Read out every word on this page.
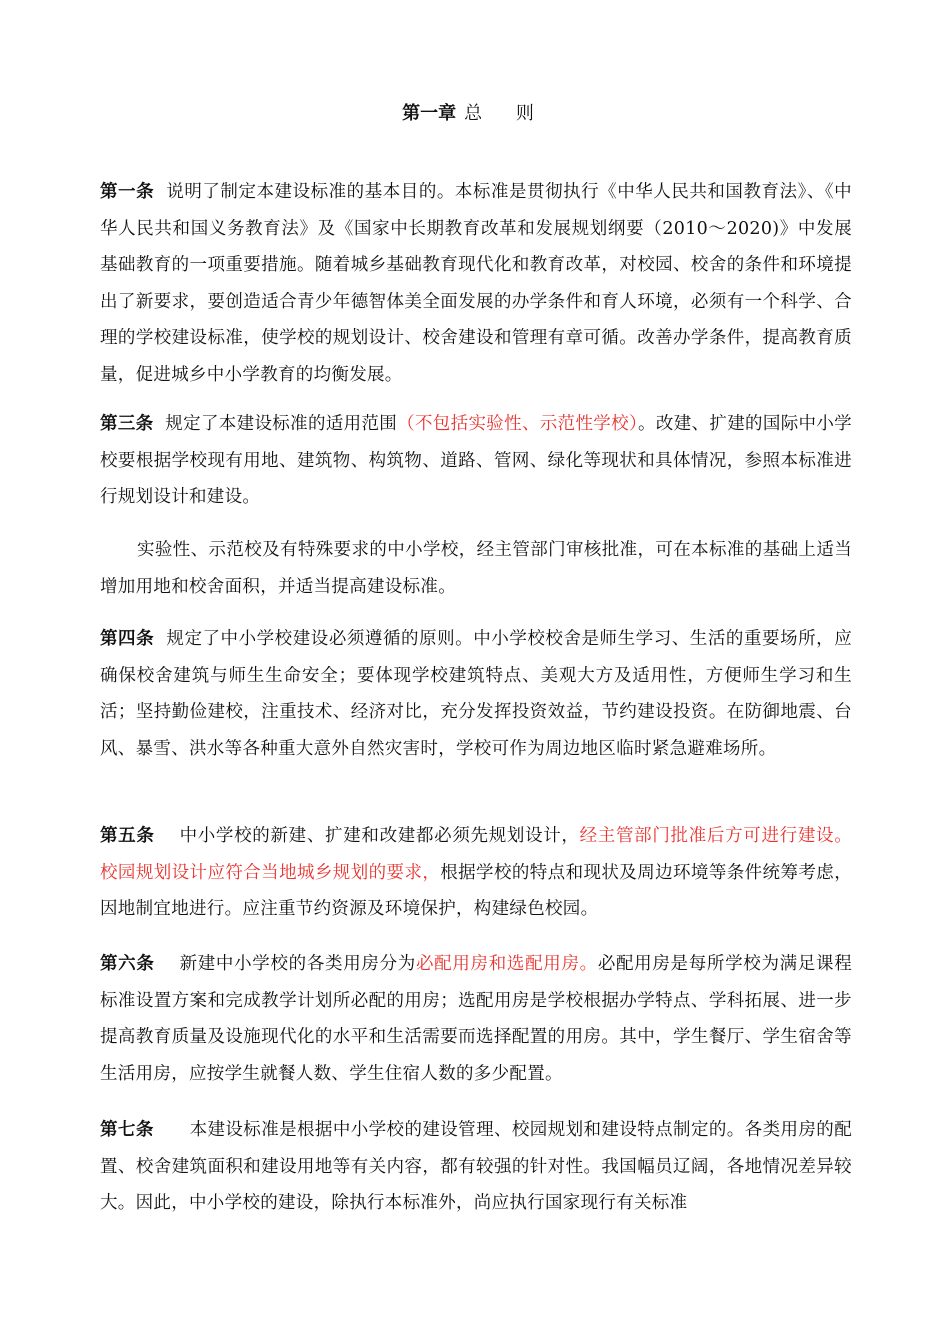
第一章 总 则
第一条 说明了制定本建设标准的基本目的。本标准是贯彻执行《中华人民共和国教育法》、《中华人民共和国义务教育法》及《国家中长期教育改革和发展规划纲要（2010～2020)》中发展基础教育的一项重要措施。随着城乡基础教育现代化和教育改革，对校园、校舍的条件和环境提出了新要求，要创造适合青少年德智体美全面发展的办学条件和育人环境，必须有一个科学、合理的学校建设标准，使学校的规划设计、校舍建设和管理有章可循。改善办学条件，提高教育质量，促进城乡中小学教育的均衡发展。
第三条 规定了本建设标准的适用范围（不包括实验性、示范性学校）。改建、扩建的国际中小学校要根据学校现有用地、建筑物、构筑物、道路、管网、绿化等现状和具体情况，参照本标准进行规划设计和建设。
实验性、示范校及有特殊要求的中小学校，经主管部门审核批准，可在本标准的基础上适当增加用地和校舍面积，并适当提高建设标准。
第四条 规定了中小学校建设必须遵循的原则。中小学校校舍是师生学习、生活的重要场所，应确保校舍建筑与师生生命安全；要体现学校建筑特点、美观大方及适用性，方便师生学习和生活；坚持勤俭建校，注重技术、经济对比，充分发挥投资效益，节约建设投资。在防御地震、台风、暴雪、洪水等各种重大意外自然灾害时，学校可作为周边地区临时紧急避难场所。
第五条 中小学校的新建、扩建和改建都必须先规划设计，经主管部门批准后方可进行建设。校园规划设计应符合当地城乡规划的要求，根据学校的特点和现状及周边环境等条件统筹考虑，因地制宜地进行。应注重节约资源及环境保护，构建绿色校园。
第六条 新建中小学校的各类用房分为必配用房和选配用房。必配用房是每所学校为满足课程标准设置方案和完成教学计划所必配的用房；选配用房是学校根据办学特点、学科拓展、进一步提高教育质量及设施现代化的水平和生活需要而选择配置的用房。其中，学生餐厅、学生宿舍等生活用房，应按学生就餐人数、学生住宿人数的多少配置。
第七条 本建设标准是根据中小学校的建设管理、校园规划和建设特点制定的。各类用房的配置、校舍建筑面积和建设用地等有关内容，都有较强的针对性。我国幅员辽阔，各地情况差异较大。因此，中小学校的建设，除执行本标准外，尚应执行国家现行有关标准
